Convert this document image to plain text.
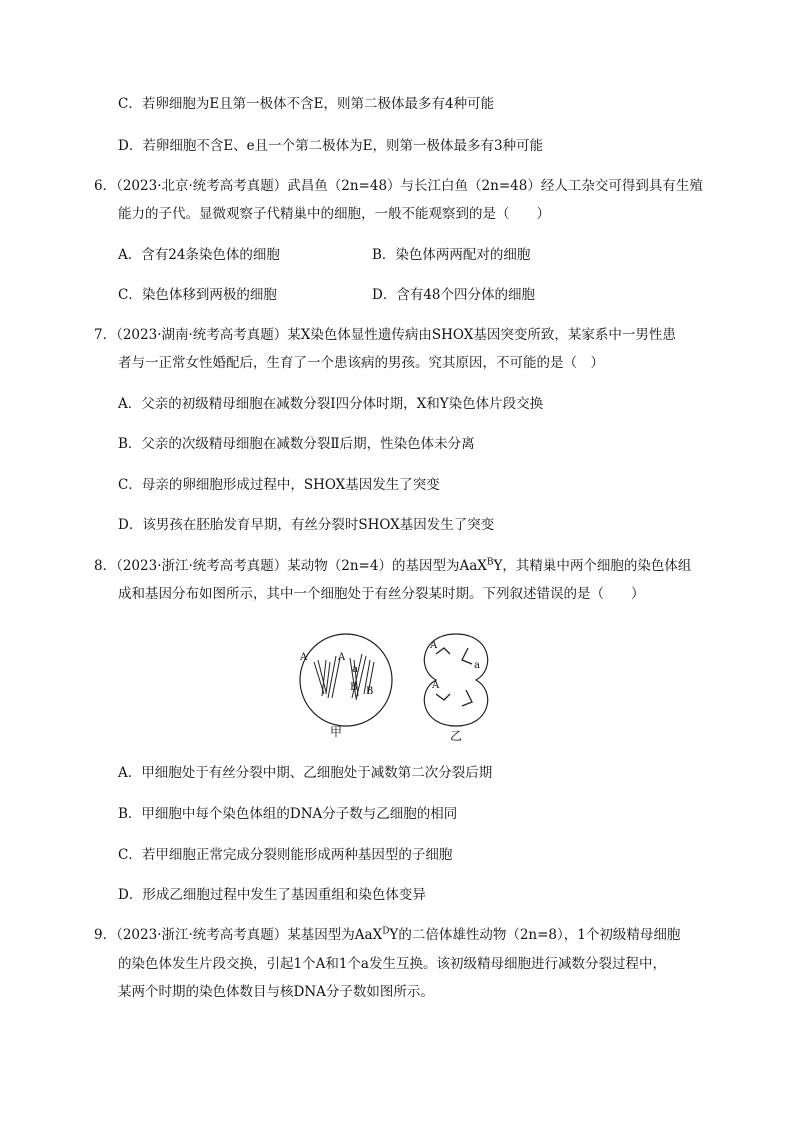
C．若卵细胞为E且第一极体不含E，则第二极体最多有4种可能
D．若卵细胞不含E、e且一个第二极体为E，则第一极体最多有3种可能
6．（2023·北京·统考高考真题）武昌鱼（2n=48）与长江白鱼（2n=48）经人工杂交可得到具有生殖
能力的子代。显微观察子代精巢中的细胞，一般不能观察到的是（　　）
A．含有24条染色体的细胞	B．染色体两两配对的细胞
C．染色体移到两极的细胞	D．含有48个四分体的细胞
7．（2023·湖南·统考高考真题）某X染色体显性遗传病由SHOX基因突变所致，某家系中一男性患
者与一正常女性婚配后，生育了一个患该病的男孩。究其原因，不可能的是（　）
A．父亲的初级精母细胞在减数分裂Ⅰ四分体时期，X和Y染色体片段交换
B．父亲的次级精母细胞在减数分裂Ⅱ后期，性染色体未分离
C．母亲的卵细胞形成过程中，SHOX基因发生了突变
D．该男孩在胚胎发育早期，有丝分裂时SHOX基因发生了突变
8．（2023·浙江·统考高考真题）某动物（2n=4）的基因型为AaX$^B$Y，其精巢中两个细胞的染色体组
成和基因分布如图所示，其中一个细胞处于有丝分裂某时期。下列叙述错误的是（　　）
A	A
a
B B
A
a
A
甲	乙
A．甲细胞处于有丝分裂中期、乙细胞处于减数第二次分裂后期
B．甲细胞中每个染色体组的DNA分子数与乙细胞的相同
C．若甲细胞正常完成分裂则能形成两种基因型的子细胞
D．形成乙细胞过程中发生了基因重组和染色体变异
9．（2023·浙江·统考高考真题）某基因型为AaX$^D$Y的二倍体雄性动物（2n=8），1个初级精母细胞
的染色体发生片段交换，引起1个A和1个a发生互换。该初级精母细胞进行减数分裂过程中，
某两个时期的染色体数目与核DNA分子数如图所示。
